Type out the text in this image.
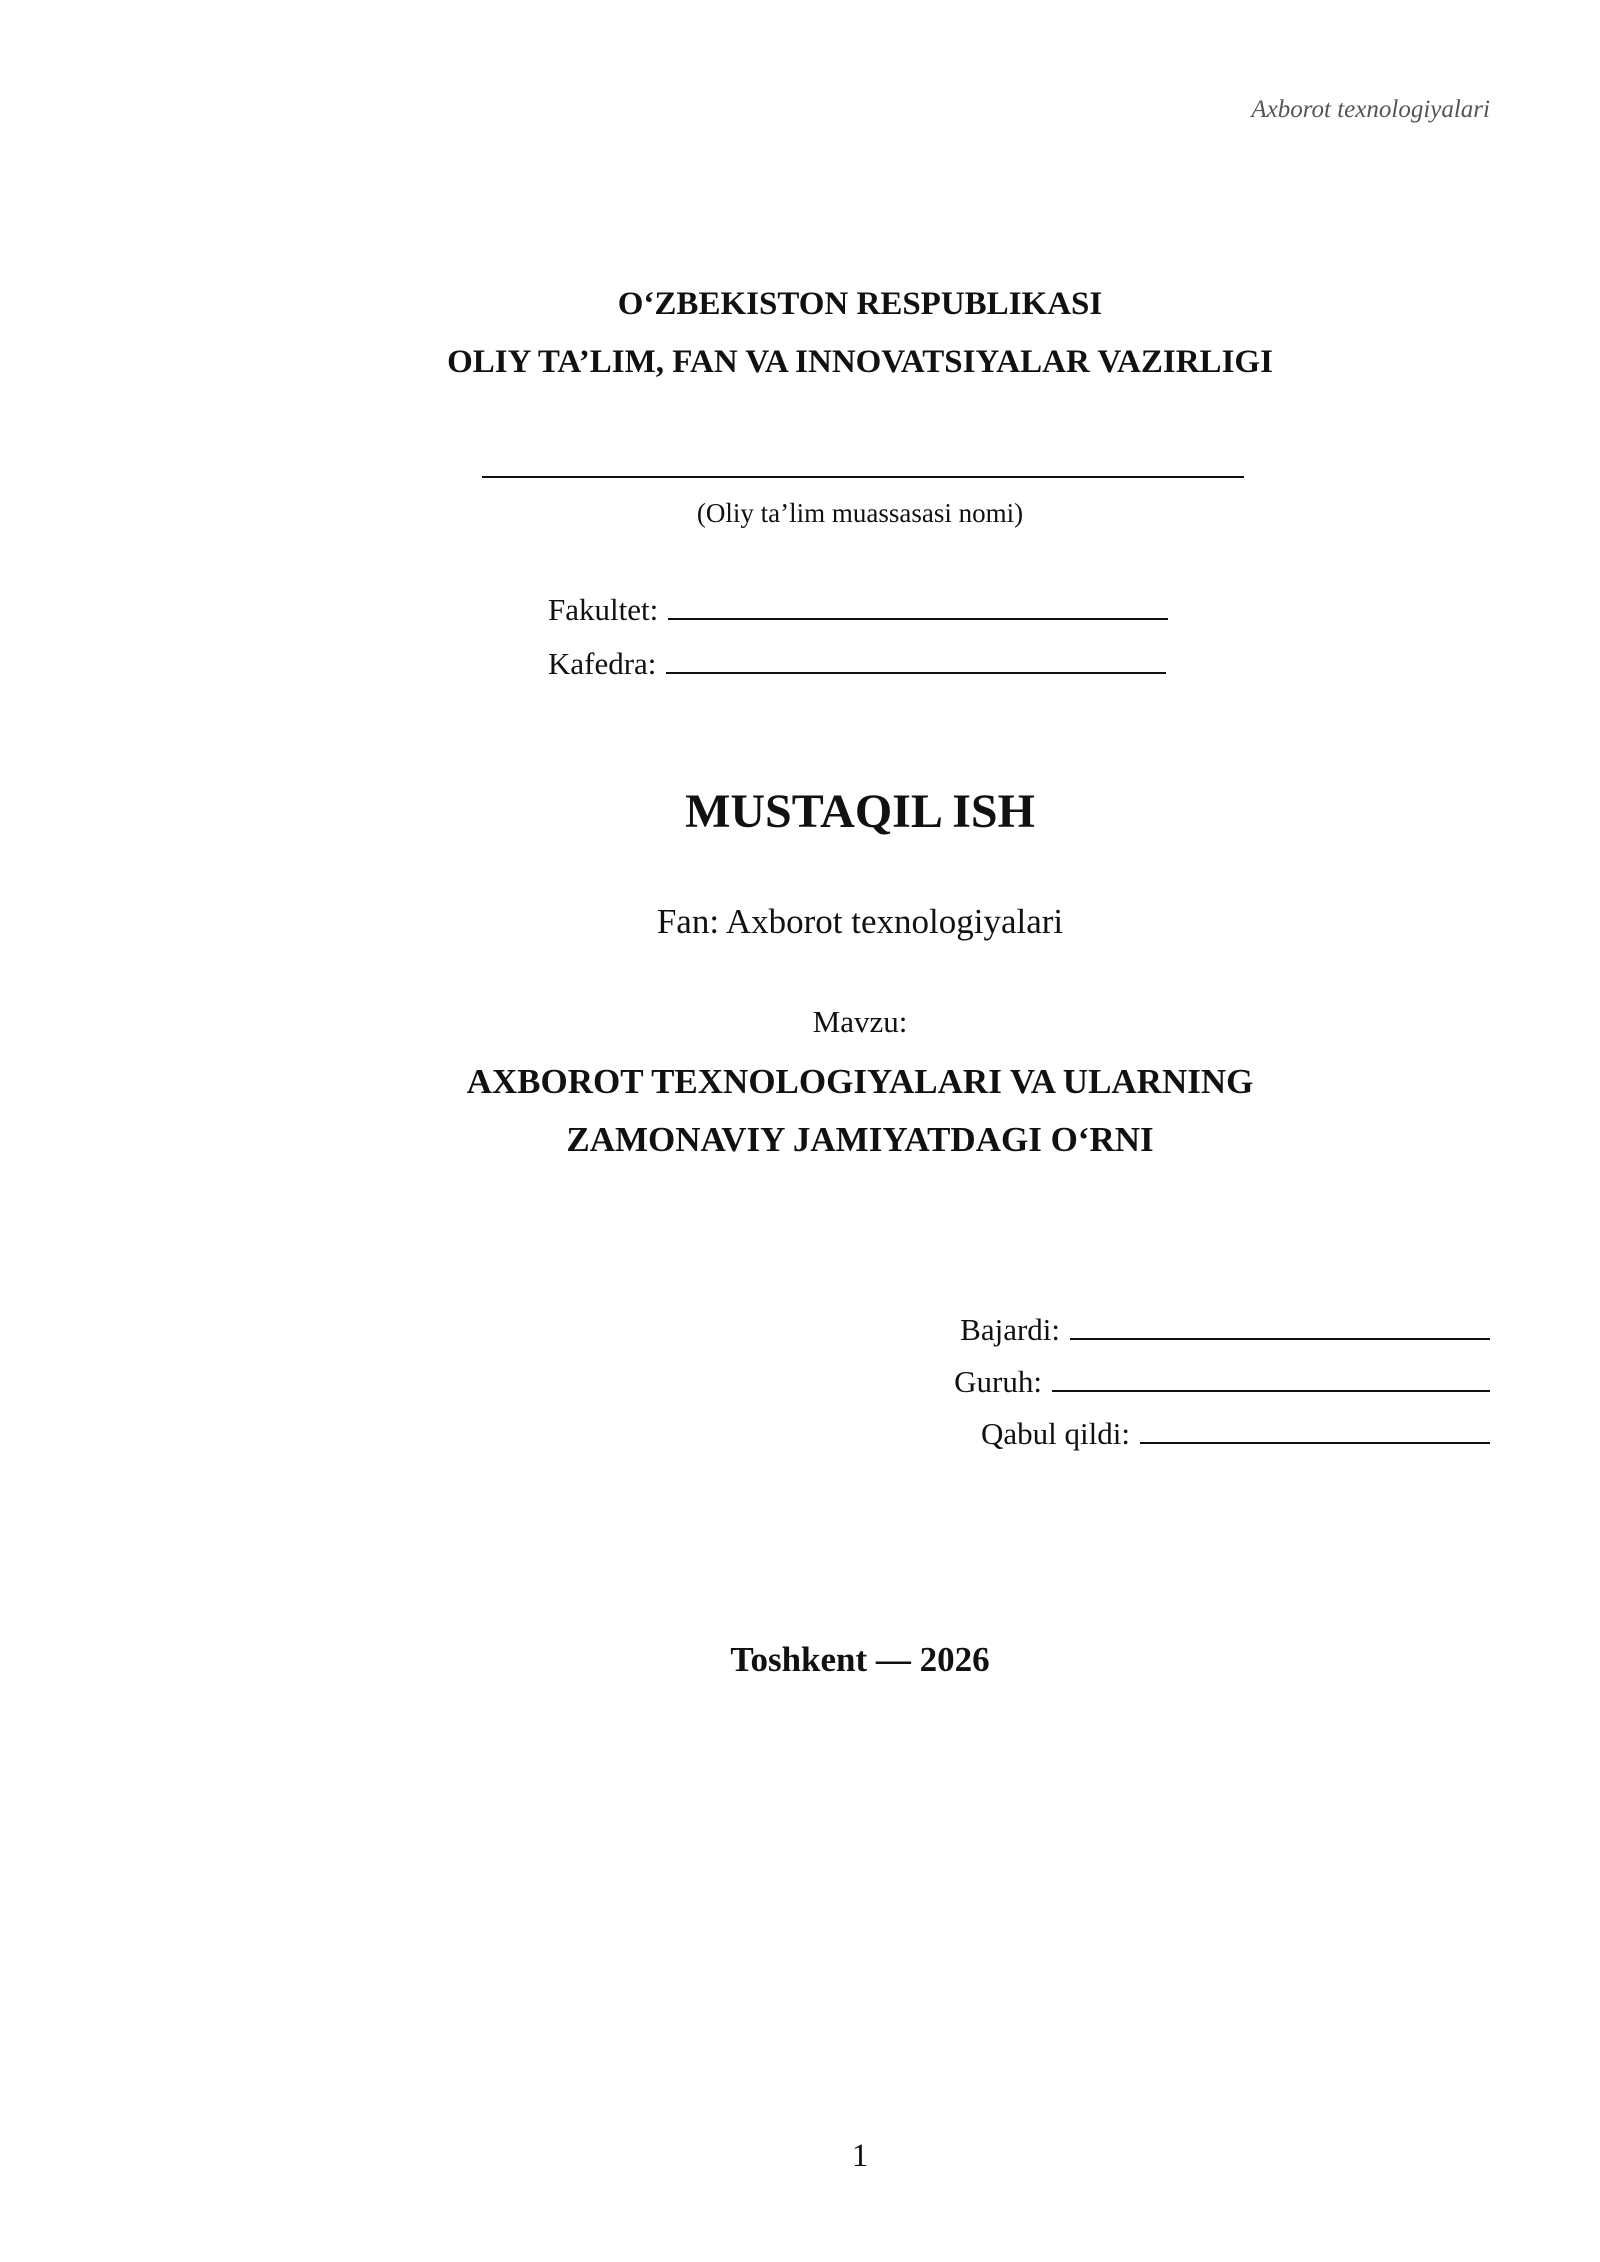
Axborot texnologiyalari
O‘ZBEKISTON RESPUBLIKASI
OLIY TA’LIM, FAN VA INNOVATSIYALAR VAZIRLIGI
(Oliy ta’lim muassasasi nomi)
Fakultet:
Kafedra:
MUSTAQIL ISH
Fan: Axborot texnologiyalari
Mavzu:
AXBOROT TEXNOLOGIYALARI VA ULARNING
ZAMONAVIY JAMIYATDAGI O‘RNI
Bajardi:
Guruh:
Qabul qildi:
Toshkent — 2026
1
